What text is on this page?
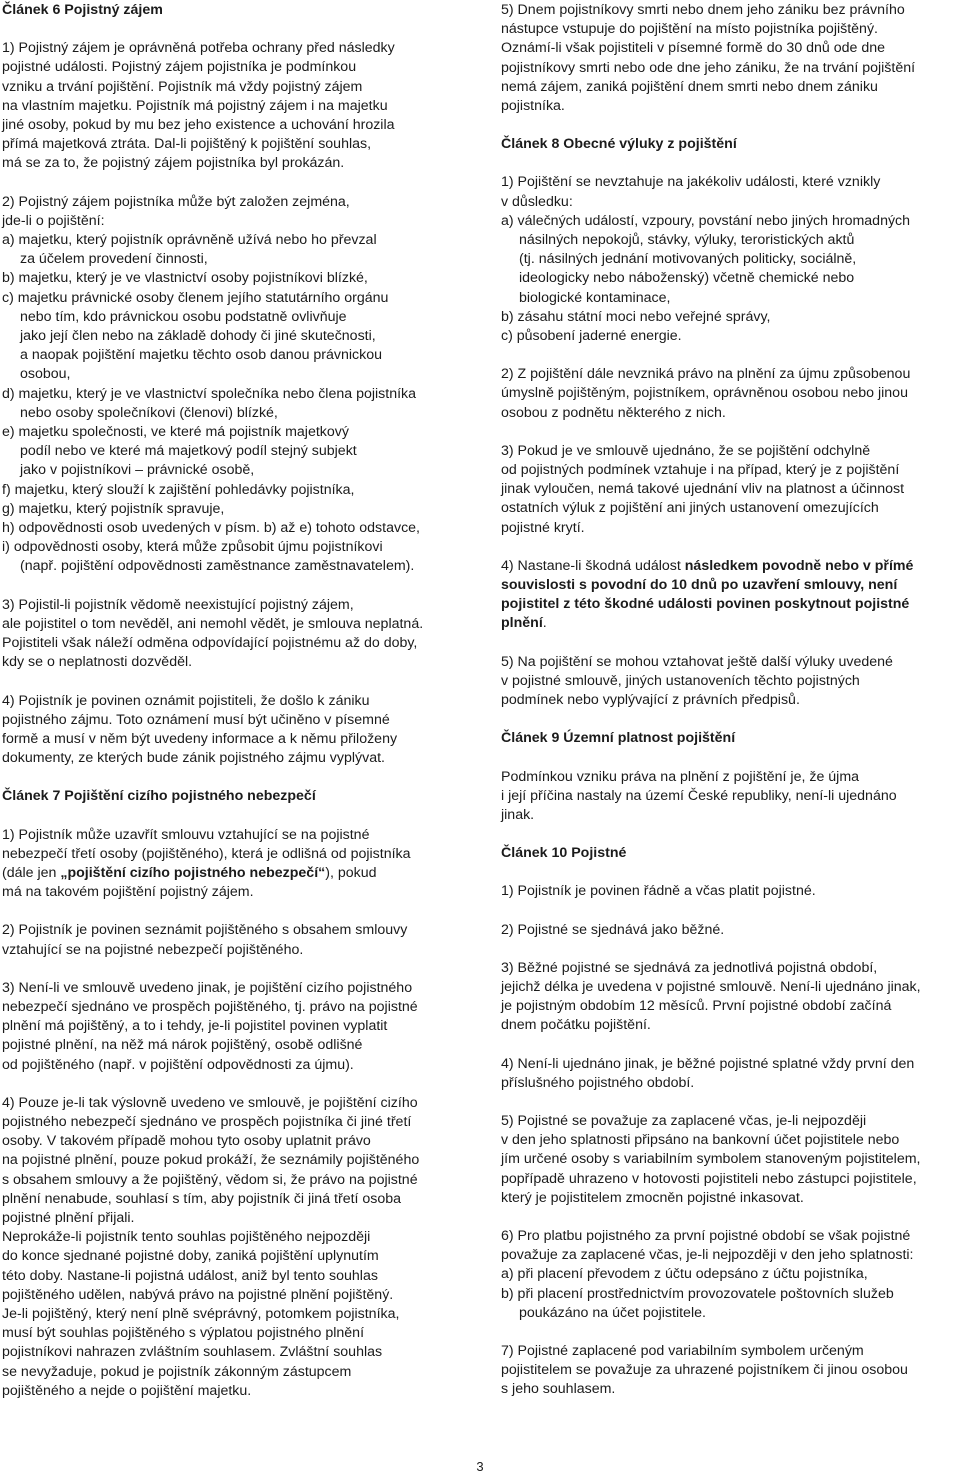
Článek 6 Pojistný zájem
1) Pojistný zájem je oprávněná potřeba ochrany před následky
pojistné události. Pojistný zájem pojistníka je podmínkou
vzniku a trvání pojištění. Pojistník má vždy pojistný zájem
na vlastním majetku. Pojistník má pojistný zájem i na majetku
jiné osoby, pokud by mu bez jeho existence a uchování hrozila
přímá majetková ztráta. Dal-li pojištěný k pojištění souhlas,
má se za to, že pojistný zájem pojistníka byl prokázán.
2) Pojistný zájem pojistníka může být založen zejména,
jde-li o pojištění:
a) majetku, který pojistník oprávněně užívá nebo ho převzal
za účelem provedení činnosti,
b) majetku, který je ve vlastnictví osoby pojistníkovi blízké,
c) majetku právnické osoby členem jejího statutárního orgánu
nebo tím, kdo právnickou osobu podstatně ovlivňuje
jako její člen nebo na základě dohody či jiné skutečnosti,
a naopak pojištění majetku těchto osob danou právnickou
osobou,
d) majetku, který je ve vlastnictví společníka nebo člena pojistníka
nebo osoby společníkovi (členovi) blízké,
e) majetku společnosti, ve které má pojistník majetkový
podíl nebo ve které má majetkový podíl stejný subjekt
jako v pojistníkovi – právnické osobě,
f) majetku, který slouží k zajištění pohledávky pojistníka,
g) majetku, který pojistník spravuje,
h) odpovědnosti osob uvedených v písm. b) až e) tohoto odstavce,
i) odpovědnosti osoby, která může způsobit újmu pojistníkovi
(např. pojištění odpovědnosti zaměstnance zaměstnavatelem).
3) Pojistil-li pojistník vědomě neexistující pojistný zájem,
ale pojistitel o tom nevěděl, ani nemohl vědět, je smlouva neplatná.
Pojistiteli však náleží odměna odpovídající pojistnému až do doby,
kdy se o neplatnosti dozvěděl.
4) Pojistník je povinen oznámit pojistiteli, že došlo k zániku
pojistného zájmu. Toto oznámení musí být učiněno v písemné
formě a musí v něm být uvedeny informace a k němu přiloženy
dokumenty, ze kterých bude zánik pojistného zájmu vyplývat.
Článek 7 Pojištění cizího pojistného nebezpečí
1) Pojistník může uzavřít smlouvu vztahující se na pojistné
nebezpečí třetí osoby (pojištěného), která je odlišná od pojistníka
(dále jen „pojištění cizího pojistného nebezpečí“), pokud
má na takovém pojištění pojistný zájem.
2) Pojistník je povinen seznámit pojištěného s obsahem smlouvy
vztahující se na pojistné nebezpečí pojištěného.
3) Není-li ve smlouvě uvedeno jinak, je pojištění cizího pojistného
nebezpečí sjednáno ve prospěch pojištěného, tj. právo na pojistné
plnění má pojištěný, a to i tehdy, je-li pojistitel povinen vyplatit
pojistné plnění, na něž má nárok pojištěný, osobě odlišné
od pojištěného (např. v pojištění odpovědnosti za újmu).
4) Pouze je-li tak výslovně uvedeno ve smlouvě, je pojištění cizího
pojistného nebezpečí sjednáno ve prospěch pojistníka či jiné třetí
osoby. V takovém případě mohou tyto osoby uplatnit právo
na pojistné plnění, pouze pokud prokáží, že seznámily pojištěného
s obsahem smlouvy a že pojištěný, vědom si, že právo na pojistné
plnění nenabude, souhlasí s tím, aby pojistník či jiná třetí osoba
pojistné plnění přijali.
Neprokáže-li pojistník tento souhlas pojištěného nejpozději
do konce sjednané pojistné doby, zaniká pojištění uplynutím
této doby. Nastane-li pojistná událost, aniž byl tento souhlas
pojištěného udělen, nabývá právo na pojistné plnění pojištěný.
Je-li pojištěný, který není plně svéprávný, potomkem pojistníka,
musí být souhlas pojištěného s výplatou pojistného plnění
pojistníkovi nahrazen zvláštním souhlasem. Zvláštní souhlas
se nevyžaduje, pokud je pojistník zákonným zástupcem
pojištěného a nejde o pojištění majetku.
5) Dnem pojistníkovy smrti nebo dnem jeho zániku bez právního
nástupce vstupuje do pojištění na místo pojistníka pojištěný.
Oznámí-li však pojistiteli v písemné formě do 30 dnů ode dne
pojistníkovy smrti nebo ode dne jeho zániku, že na trvání pojištění
nemá zájem, zaniká pojištění dnem smrti nebo dnem zániku
pojistníka.
Článek 8 Obecné výluky z pojištění
1) Pojištění se nevztahuje na jakékoliv události, které vznikly
v důsledku:
a) válečných událostí, vzpoury, povstání nebo jiných hromadných
násilných nepokojů, stávky, výluky, teroristických aktů
(tj. násilných jednání motivovaných politicky, sociálně,
ideologicky nebo náboženský) včetně chemické nebo
biologické kontaminace,
b) zásahu státní moci nebo veřejné správy,
c) působení jaderné energie.
2) Z pojištění dále nevzniká právo na plnění za újmu způsobenou
úmyslně pojištěným, pojistníkem, oprávněnou osobou nebo jinou
osobou z podnětu některého z nich.
3) Pokud je ve smlouvě ujednáno, že se pojištění odchylně
od pojistných podmínek vztahuje i na případ, který je z pojištění
jinak vyloučen, nemá takové ujednání vliv na platnost a účinnost
ostatních výluk z pojištění ani jiných ustanovení omezujících
pojistné krytí.
4) Nastane-li škodná událost následkem povodně nebo v přímé
souvislosti s povodní do 10 dnů po uzavření smlouvy, není
pojistitel z této škodné události povinen poskytnout pojistné
plnění.
5) Na pojištění se mohou vztahovat ještě další výluky uvedené
v pojistné smlouvě, jiných ustanoveních těchto pojistných
podmínek nebo vyplývající z právních předpisů.
Článek 9 Územní platnost pojištění
Podmínkou vzniku práva na plnění z pojištění je, že újma
i její příčina nastaly na území České republiky, není-li ujednáno
jinak.
Článek 10 Pojistné
1) Pojistník je povinen řádně a včas platit pojistné.
2) Pojistné se sjednává jako běžné.
3) Běžné pojistné se sjednává za jednotlivá pojistná období,
jejichž délka je uvedena v pojistné smlouvě. Není-li ujednáno jinak,
je pojistným obdobím 12 měsíců. První pojistné období začíná
dnem počátku pojištění.
4) Není-li ujednáno jinak, je běžné pojistné splatné vždy první den
příslušného pojistného období.
5) Pojistné se považuje za zaplacené včas, je-li nejpozději
v den jeho splatnosti připsáno na bankovní účet pojistitele nebo
jím určené osoby s variabilním symbolem stanoveným pojistitelem,
popřípadě uhrazeno v hotovosti pojistiteli nebo zástupci pojistitele,
který je pojistitelem zmocněn pojistné inkasovat.
6) Pro platbu pojistného za první pojistné období se však pojistné
považuje za zaplacené včas, je-li nejpozději v den jeho splatnosti:
a) při placení převodem z účtu odepsáno z účtu pojistníka,
b) při placení prostřednictvím provozovatele poštovních služeb
poukázáno na účet pojistitele.
7) Pojistné zaplacené pod variabilním symbolem určeným
pojistitelem se považuje za uhrazené pojistníkem či jinou osobou
s jeho souhlasem.
3
